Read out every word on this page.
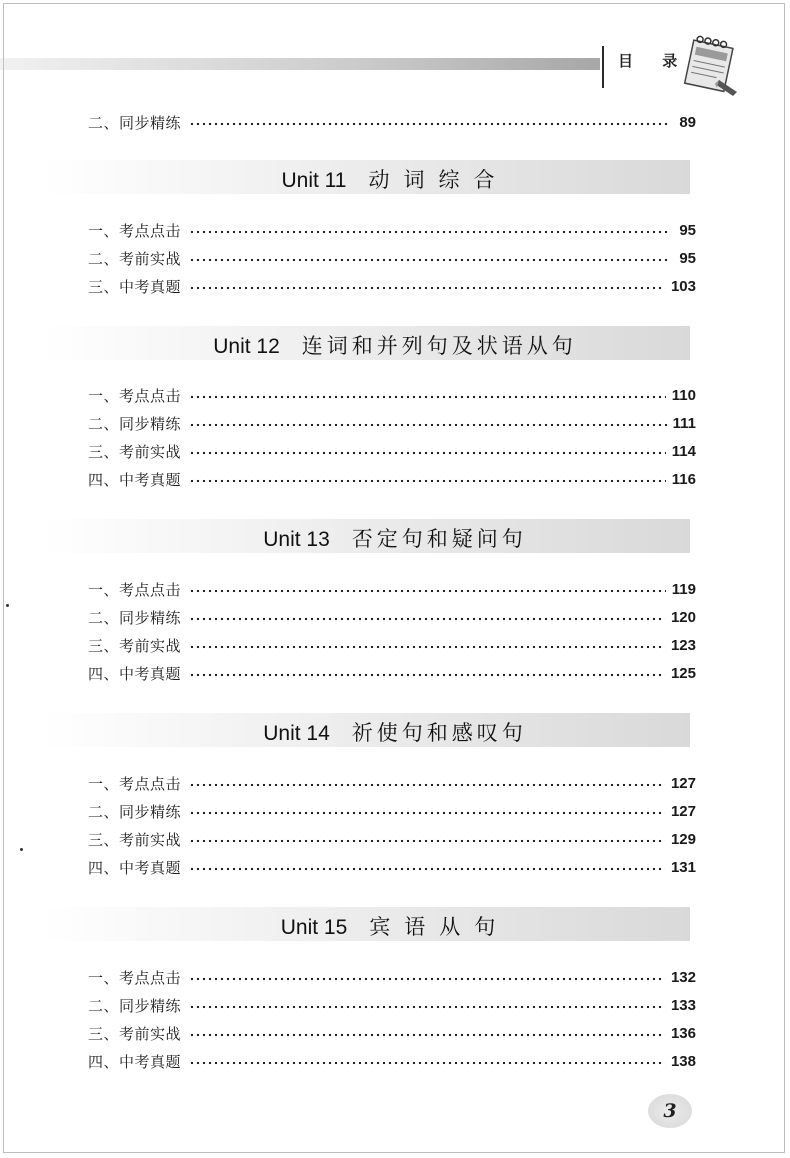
目 录
二、同步精练	89
Unit 11 动词综合
一、考点点击	95
二、考前实战	95
三、中考真题	103
Unit 12 连词和并列句及状语从句
一、考点点击	110
二、同步精练	111
三、考前实战	114
四、中考真题	116
Unit 13 否定句和疑问句
一、考点点击	119
二、同步精练	120
三、考前实战	123
四、中考真题	125
Unit 14 祈使句和感叹句
一、考点点击	127
二、同步精练	127
三、考前实战	129
四、中考真题	131
Unit 15 宾语从句
一、考点点击	132
二、同步精练	133
三、考前实战	136
四、中考真题	138
3
